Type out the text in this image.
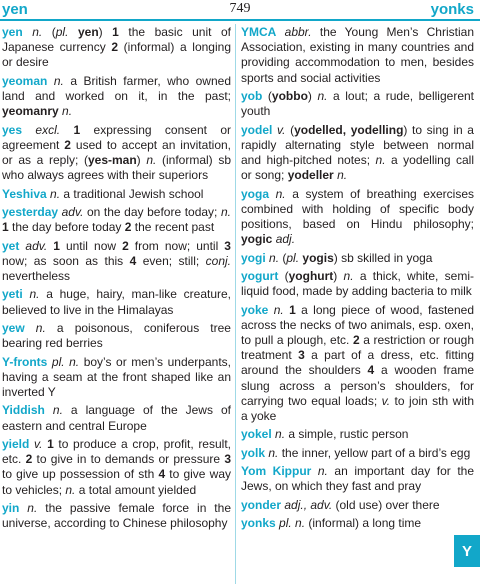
yen	749	yonks
yen n. (pl. yen) 1 the basic unit of Japanese currency 2 (informal) a longing or desire
yeoman n. a British farmer, who owned land and worked on it, in the past; yeomanry n.
yes excl. 1 expressing consent or agreement 2 used to accept an invitation, or as a reply; (yes-man) n. (informal) sb who always agrees with their superiors
Yeshiva n. a traditional Jewish school
yesterday adv. on the day before today; n. 1 the day before today 2 the recent past
yet adv. 1 until now 2 from now; until 3 now; as soon as this 4 even; still; conj. nevertheless
yeti n. a huge, hairy, man-like creature, believed to live in the Himalayas
yew n. a poisonous, coniferous tree bearing red berries
Y-fronts pl. n. boy’s or men’s underpants, having a seam at the front shaped like an inverted Y
Yiddish n. a language of the Jews of eastern and central Europe
yield v. 1 to produce a crop, profit, result, etc. 2 to give in to demands or pressure 3 to give up possession of sth 4 to give way to vehicles; n. a total amount yielded
yin n. the passive female force in the universe, according to Chinese philosophy
YMCA abbr. the Young Men’s Christian Association, existing in many countries and providing accommodation to men, besides sports and social activities
yob (yobbo) n. a lout; a rude, belligerent youth
yodel v. (yodelled, yodelling) to sing in a rapidly alternating style between normal and high-pitched notes; n. a yodelling call or song; yodeller n.
yoga n. a system of breathing exercises combined with holding of specific body positions, based on Hindu philosophy; yogic adj.
yogi n. (pl. yogis) sb skilled in yoga
yogurt (yoghurt) n. a thick, white, semi-liquid food, made by adding bacteria to milk
yoke n. 1 a long piece of wood, fastened across the necks of two animals, esp. oxen, to pull a plough, etc. 2 a restriction or rough treatment 3 a part of a dress, etc. fitting around the shoulders 4 a wooden frame slung across a person’s shoulders, for carrying two equal loads; v. to join sth with a yoke
yokel n. a simple, rustic person
yolk n. the inner, yellow part of a bird’s egg
Yom Kippur n. an important day for the Jews, on which they fast and pray
yonder adj., adv. (old use) over there
yonks pl. n. (informal) a long time
Y
